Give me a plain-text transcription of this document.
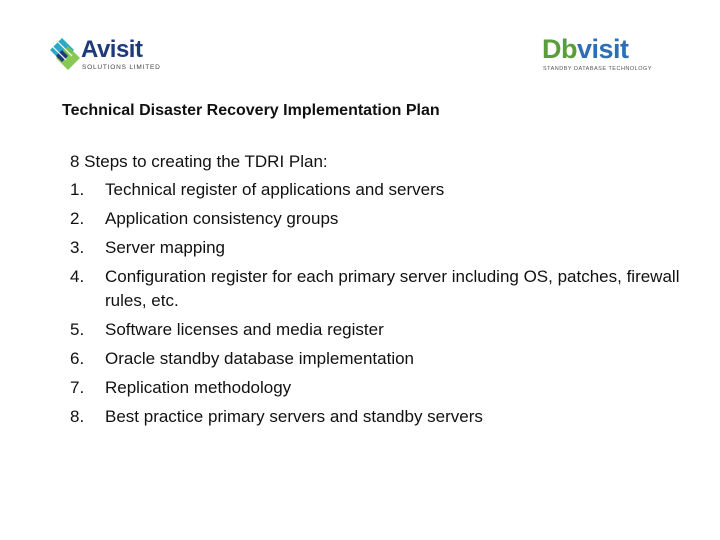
Avisit
SOLUTIONS LIMITED
Dbvisit
STANDBY DATABASE TECHNOLOGY
Technical Disaster Recovery Implementation Plan

8 Steps to creating the TDRI Plan:

1. Technical register of applications and servers
2. Application consistency groups
3. Server mapping
4. Configuration register for each primary server including OS, patches, firewall rules, etc.
5. Software licenses and media register
6. Oracle standby database implementation
7. Replication methodology
8. Best practice primary servers and standby servers
